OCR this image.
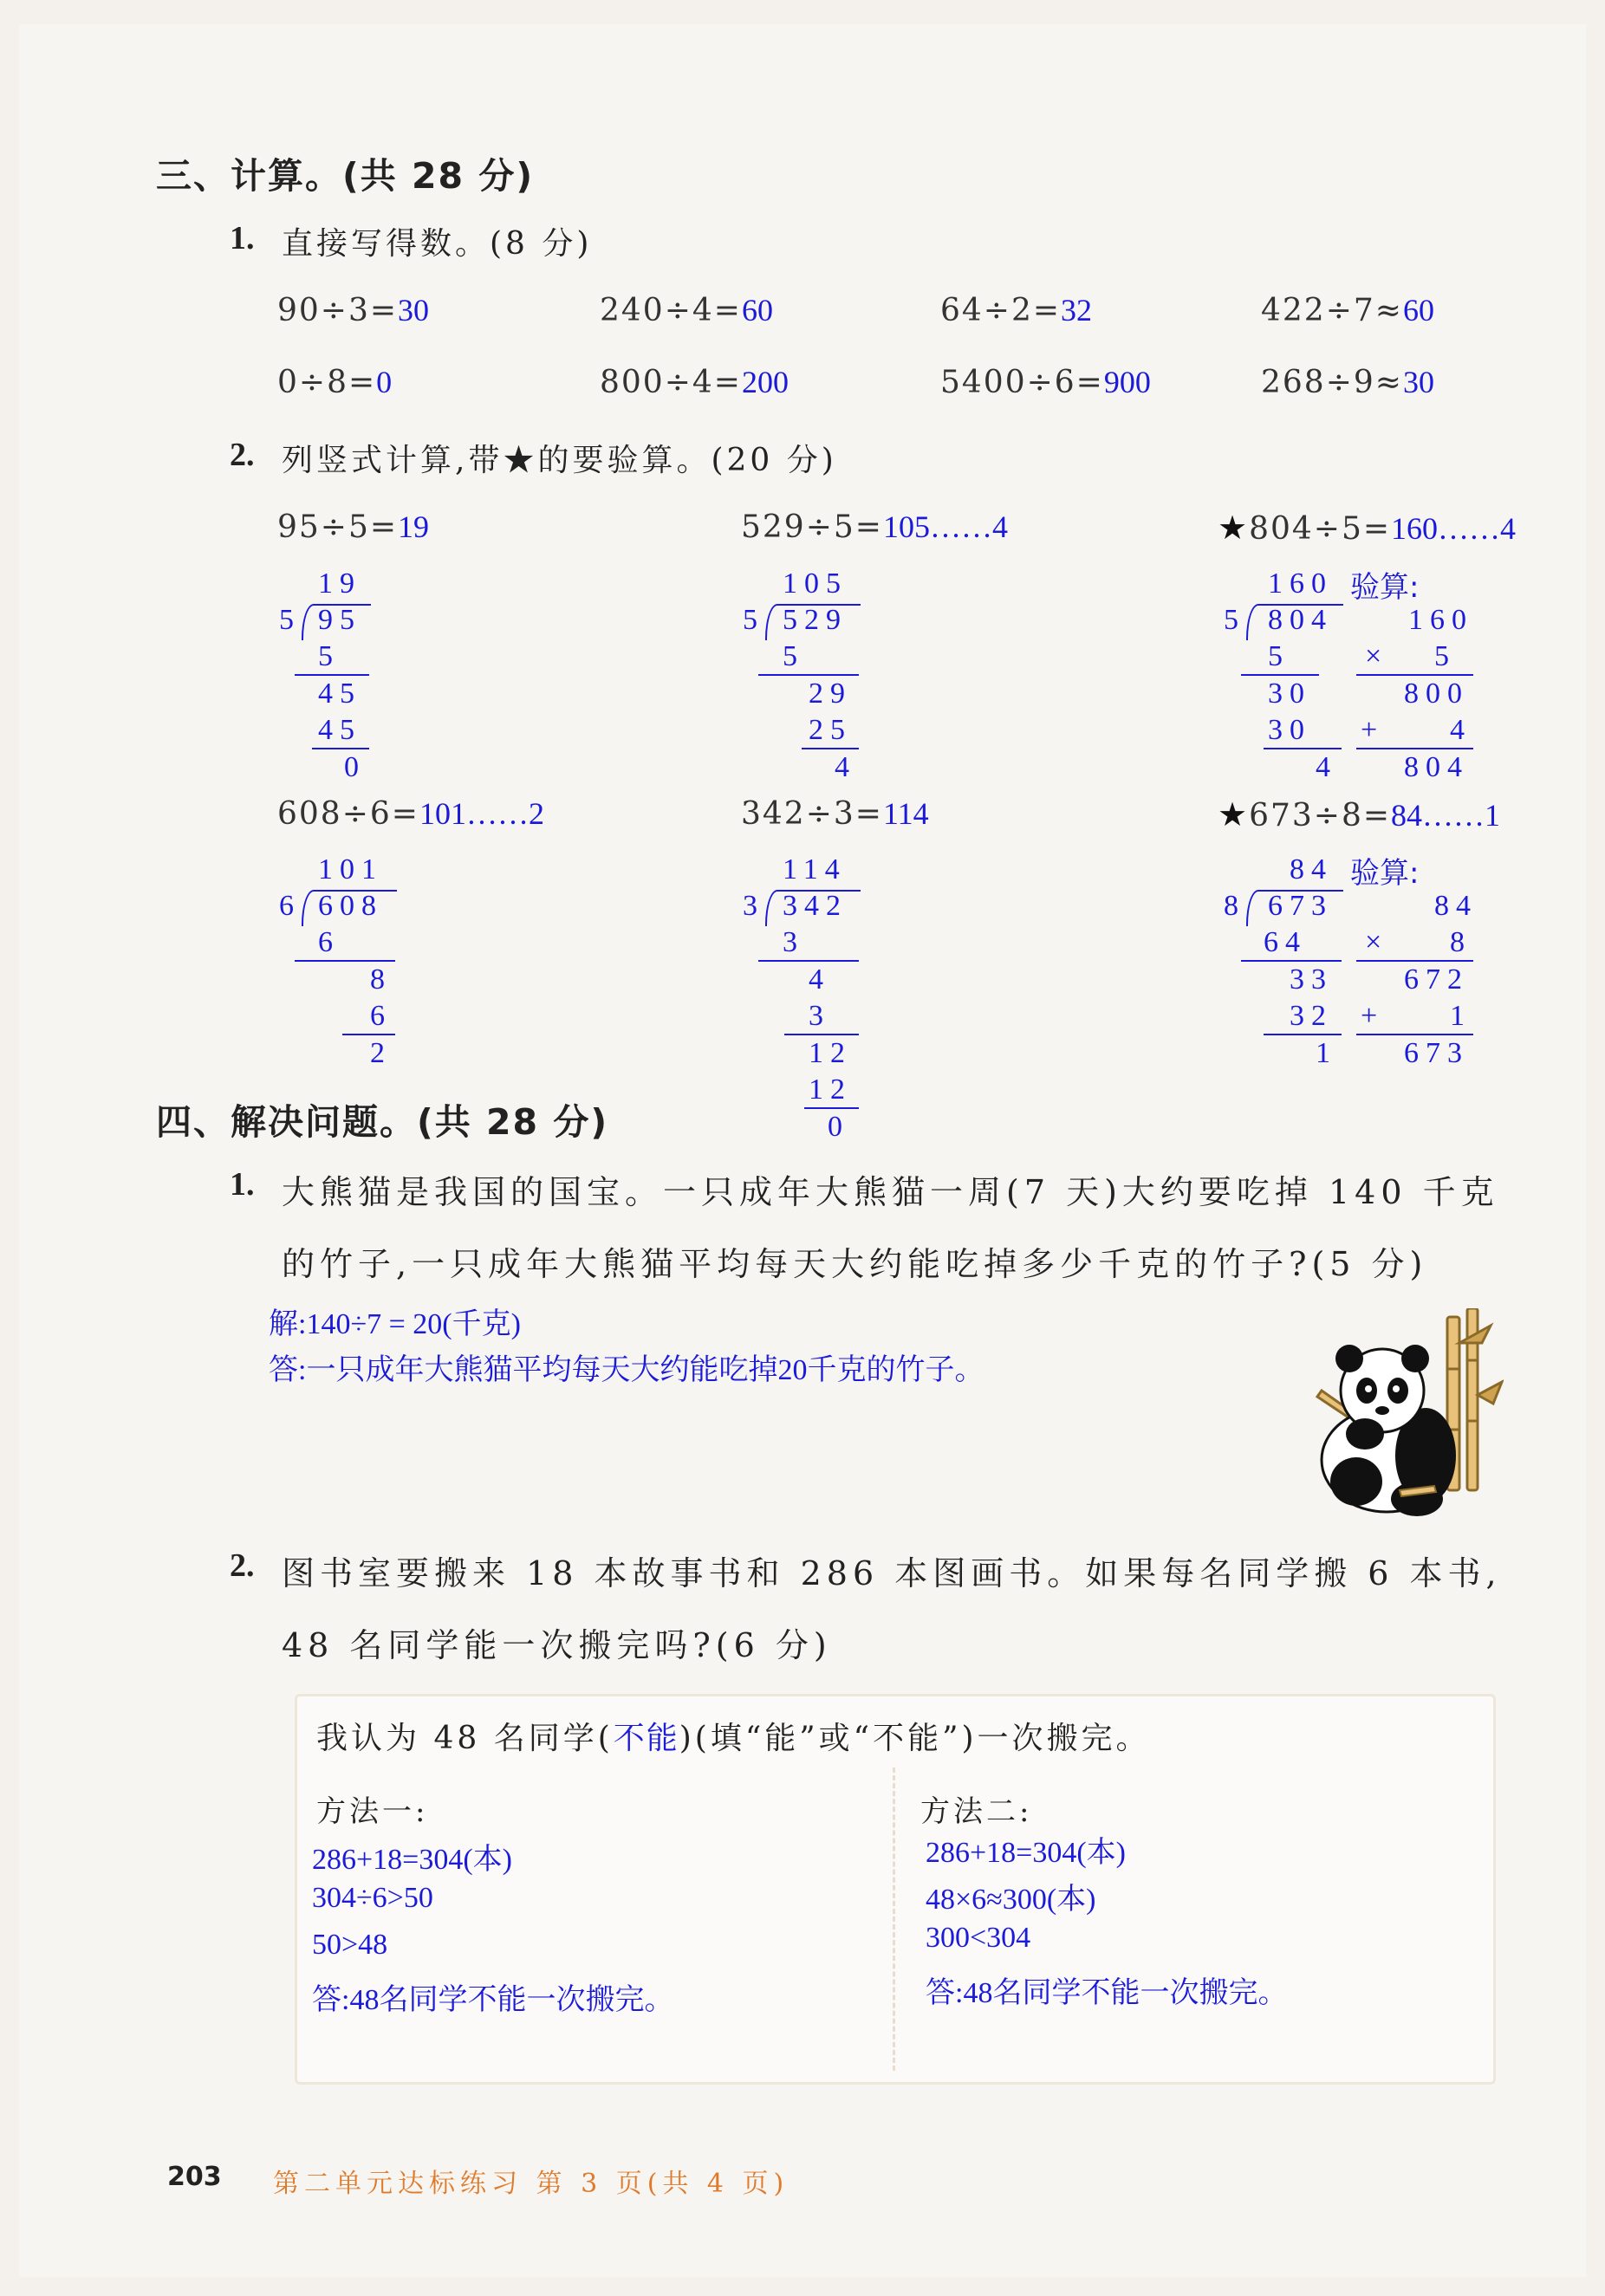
三、计算。(共 28 分)
1. 直接写得数。(8 分)
90÷3=30	240÷4=60	64÷2=32	422÷7≈60
0÷8=0	800÷4=200	5400÷6=900	268÷9≈30
2. 列竖式计算,带★的要验算。(20 分)
95÷5=19	529÷5=105……4	★804÷5=160……4
19
5 95
5
45
45
0
105
5 529
5
29
25
4
160 验算:
5 804
5
30
30
4
160
× 5
800
+ 4
804
608÷6=101……2	342÷3=114	★673÷8=84……1
101
6 608
6
8
6
2
114
3 342
3
4
3
12
12
0
84 验算:
8 673
64
33
32
1
84
× 8
672
+ 1
673
四、解决问题。(共 28 分)
1. 大熊猫是我国的国宝。一只成年大熊猫一周(7 天)大约要吃掉 140 千克
的竹子,一只成年大熊猫平均每天大约能吃掉多少千克的竹子?(5 分)
解:140÷7 = 20(千克)
答:一只成年大熊猫平均每天大约能吃掉20千克的竹子。
2. 图书室要搬来 18 本故事书和 286 本图画书。如果每名同学搬 6 本书,
48 名同学能一次搬完吗?(6 分)
我认为 48 名同学(不能)(填“能”或“不能”)一次搬完。
方法一:
286+18=304(本)
304÷6>50
50>48
答:48名同学不能一次搬完。
方法二:
286+18=304(本)
48×6≈300(本)
300<304
答:48名同学不能一次搬完。
203 第二单元达标练习 第 3 页(共 4 页)
